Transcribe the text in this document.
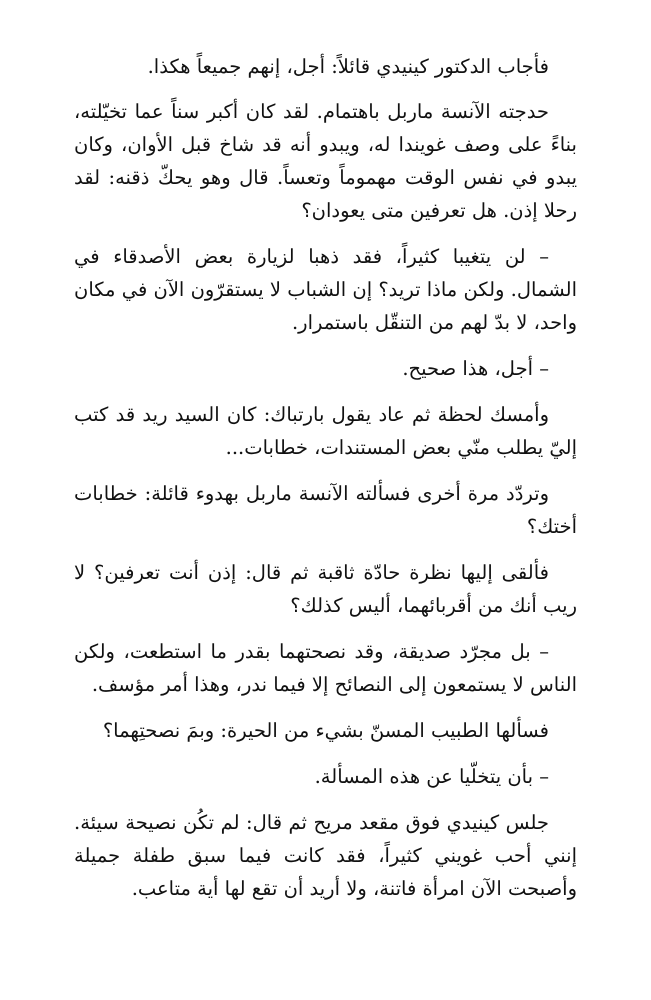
فأجاب الدكتور كينيدي قائلاً: أجل، إنهم جميعاً هكذا.

حدجته الآنسة ماربل باهتمام. لقد كان أكبر سناً عما تخيّلته، بناءً على وصف غويندا له، ويبدو أنه قد شاخ قبل الأوان، وكان يبدو في نفس الوقت مهموماً وتعساً. قال وهو يحكّ ذقنه: لقد رحلا إذن. هل تعرفين متى يعودان؟

– لن يتغيبا كثيراً، فقد ذهبا لزيارة بعض الأصدقاء في الشمال. ولكن ماذا تريد؟ إن الشباب لا يستقرّون الآن في مكان واحد، لا بدّ لهم من التنقّل باستمرار.

– أجل، هذا صحيح.

وأمسك لحظة ثم عاد يقول بارتباك: كان السيد ريد قد كتب إليّ يطلب منّي بعض المستندات، خطابات...

وتردّد مرة أخرى فسألته الآنسة ماربل بهدوء قائلة: خطابات أختك؟

فألقى إليها نظرة حادّة ثاقبة ثم قال: إذن أنت تعرفين؟ لا ريب أنك من أقربائهما، أليس كذلك؟

– بل مجرّد صديقة، وقد نصحتهما بقدر ما استطعت، ولكن الناس لا يستمعون إلى النصائح إلا فيما ندر، وهذا أمر مؤسف.

فسألها الطبيب المسنّ بشيء من الحيرة: وبمَ نصحتِهما؟

– بأن يتخلّيا عن هذه المسألة.

جلس كينيدي فوق مقعد مريح ثم قال: لم تكُن نصيحة سيئة. إنني أحب غويني كثيراً، فقد كانت فيما سبق طفلة جميلة وأصبحت الآن امرأة فاتنة، ولا أريد أن تقع لها أية متاعب.
